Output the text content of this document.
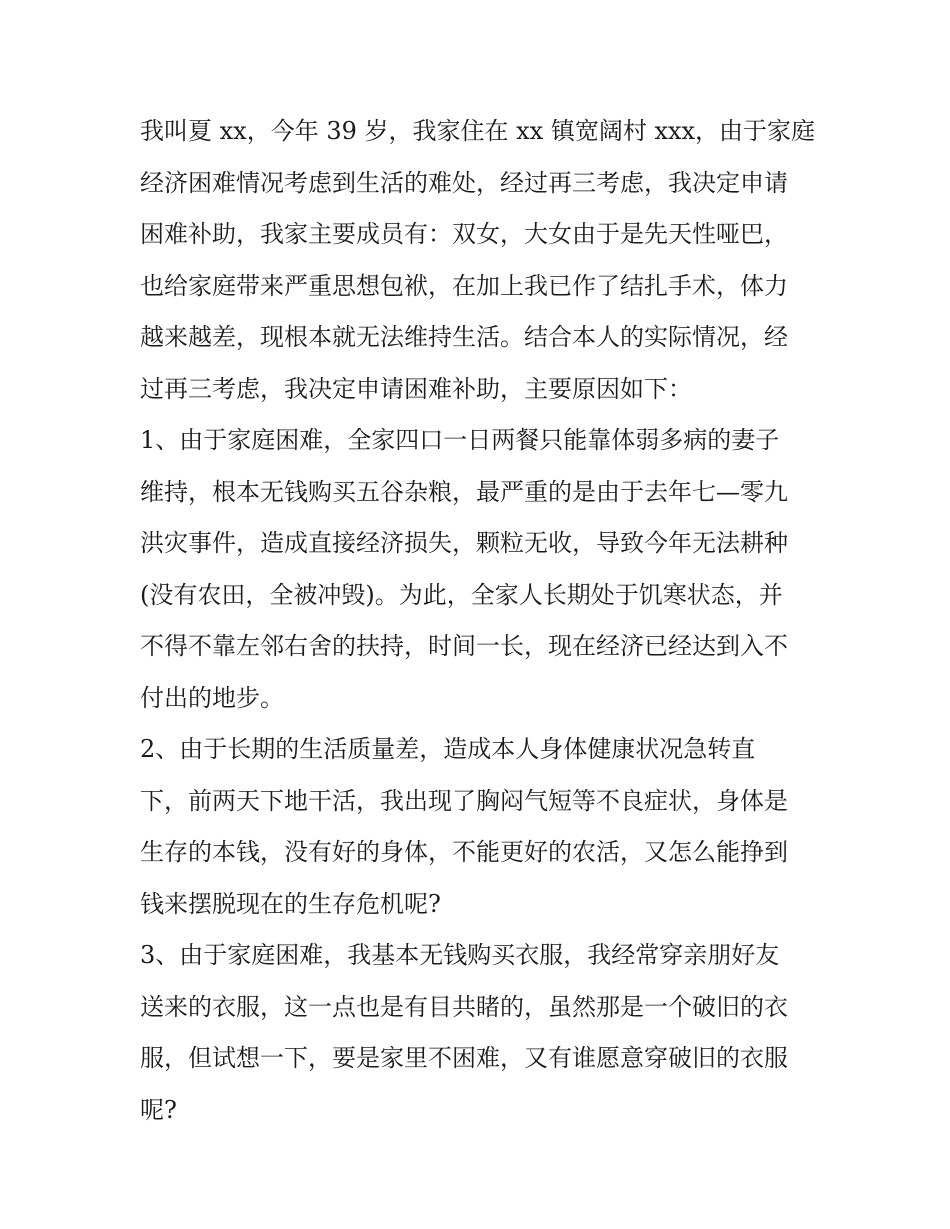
我叫夏 xx，今年 39 岁，我家住在 xx 镇宽阔村 xxx，由于家庭
经济困难情况考虑到生活的难处，经过再三考虑，我决定申请
困难补助，我家主要成员有：双女，大女由于是先天性哑巴，
也给家庭带来严重思想包袱，在加上我已作了结扎手术，体力
越来越差，现根本就无法维持生活。结合本人的实际情况，经
过再三考虑，我决定申请困难补助，主要原因如下：
1、由于家庭困难，全家四口一日两餐只能靠体弱多病的妻子
维持，根本无钱购买五谷杂粮，最严重的是由于去年七—零九
洪灾事件，造成直接经济损失，颗粒无收，导致今年无法耕种
(没有农田，全被冲毁)。为此，全家人长期处于饥寒状态，并
不得不靠左邻右舍的扶持，时间一长，现在经济已经达到入不
付出的地步。
2、由于长期的生活质量差，造成本人身体健康状况急转直
下，前两天下地干活，我出现了胸闷气短等不良症状，身体是
生存的本钱，没有好的身体，不能更好的农活，又怎么能挣到
钱来摆脱现在的生存危机呢?
3、由于家庭困难，我基本无钱购买衣服，我经常穿亲朋好友
送来的衣服，这一点也是有目共睹的，虽然那是一个破旧的衣
服，但试想一下，要是家里不困难，又有谁愿意穿破旧的衣服
呢?
